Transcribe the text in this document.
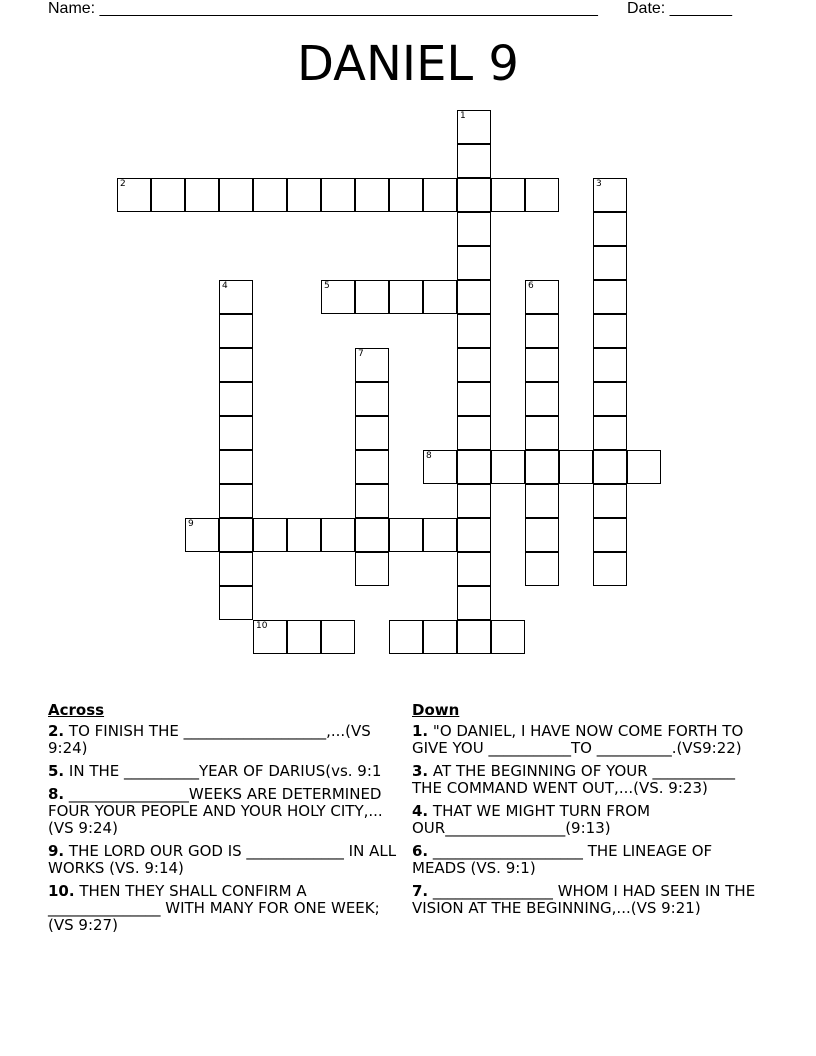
Name: ________________________________________________________ Date: _______
DANIEL 9
1
2	3
4	5	6
7
8
9
10
Across
2. TO FINISH THE ___________________,...(VS 9:24)
5. IN THE __________YEAR OF DARIUS(vs. 9:1
8. ________________WEEKS ARE DETERMINED FOUR YOUR PEOPLE AND YOUR HOLY CITY,...(VS 9:24)
9. THE LORD OUR GOD IS _____________ IN ALL WORKS (VS. 9:14)
10. THEN THEY SHALL CONFIRM A _______________ WITH MANY FOR ONE WEEK;(VS 9:27)
Down
1. "O DANIEL, I HAVE NOW COME FORTH TO GIVE YOU ___________TO __________.(VS9:22)
3. AT THE BEGINNING OF YOUR ___________ THE COMMAND WENT OUT,...(VS. 9:23)
4. THAT WE MIGHT TURN FROM OUR________________(9:13)
6. ____________________ THE LINEAGE OF MEADS (VS. 9:1)
7. ________________ WHOM I HAD SEEN IN THE VISION AT THE BEGINNING,...(VS 9:21)
